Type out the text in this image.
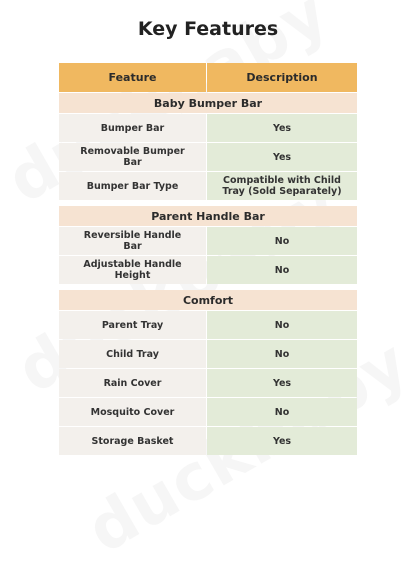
Key Features
Feature	Description
Baby Bumper Bar
Bumper Bar	Yes
Removable Bumper Bar	Yes
Bumper Bar Type	Compatible with Child Tray (Sold Separately)
Parent Handle Bar
Reversible Handle Bar	No
Adjustable Handle Height	No
Comfort
Parent Tray	No
Child Tray	No
Rain Cover	Yes
Mosquito Cover	No
Storage Basket	Yes
